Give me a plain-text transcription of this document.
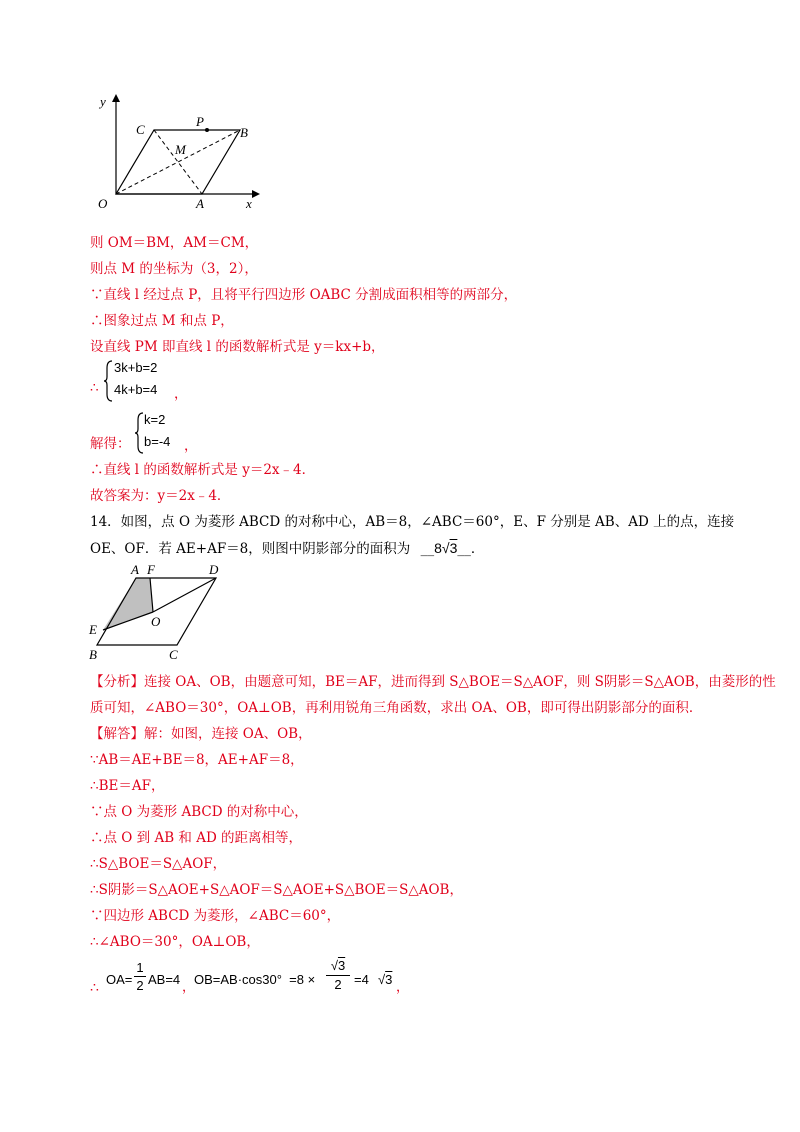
y
x
O	A
B
C
P
M
则 OM＝BM，AM＝CM，
则点 M 的坐标为（3，2），
∵直线 l 经过点 P，且将平行四边形 OABC 分割成面积相等的两部分，
∴图象过点 M 和点 P，
设直线 PM 即直线 l 的函数解析式是 y＝kx+b，
∴
3k+b=2
4k+b=4 ，
解得：
k=2
b=-4 ，
∴直线 l 的函数解析式是 y＝2x﹣4．
故答案为：y＝2x﹣4．
14．如图，点 O 为菱形 ABCD 的对称中心，AB＝8，∠ABC＝60°，E、F 分别是 AB、AD 上的点，连接
OE、OF．若 AE+AF＝8，则图中阴影部分的面积为 __8√3__．
A F	D
O
E
B	C
【分析】连接 OA、OB，由题意可知，BE＝AF，进而得到 S△BOE＝S△AOF，则 S阴影＝S△AOB，由菱形的性
质可知，∠ABO＝30°，OA⊥OB，再利用锐角三角函数，求出 OA、OB，即可得出阴影部分的面积．
【解答】解：如图，连接 OA、OB，
∵AB＝AE+BE＝8，AE+AF＝8，
∴BE＝AF，
∵点 O 为菱形 ABCD 的对称中心，
∴点 O 到 AB 和 AD 的距离相等，
∴S△BOE＝S△AOF，
∴S阴影＝S△AOE+S△AOF＝S△AOE+S△BOE＝S△AOB，
∵四边形 ABCD 为菱形，∠ABC＝60°，
∴∠ABO＝30°，OA⊥OB，
∴
OA=
1
2 AB=4
，
OB=AB·cos30°  =8 ×
√3
2 =4 √3
，
